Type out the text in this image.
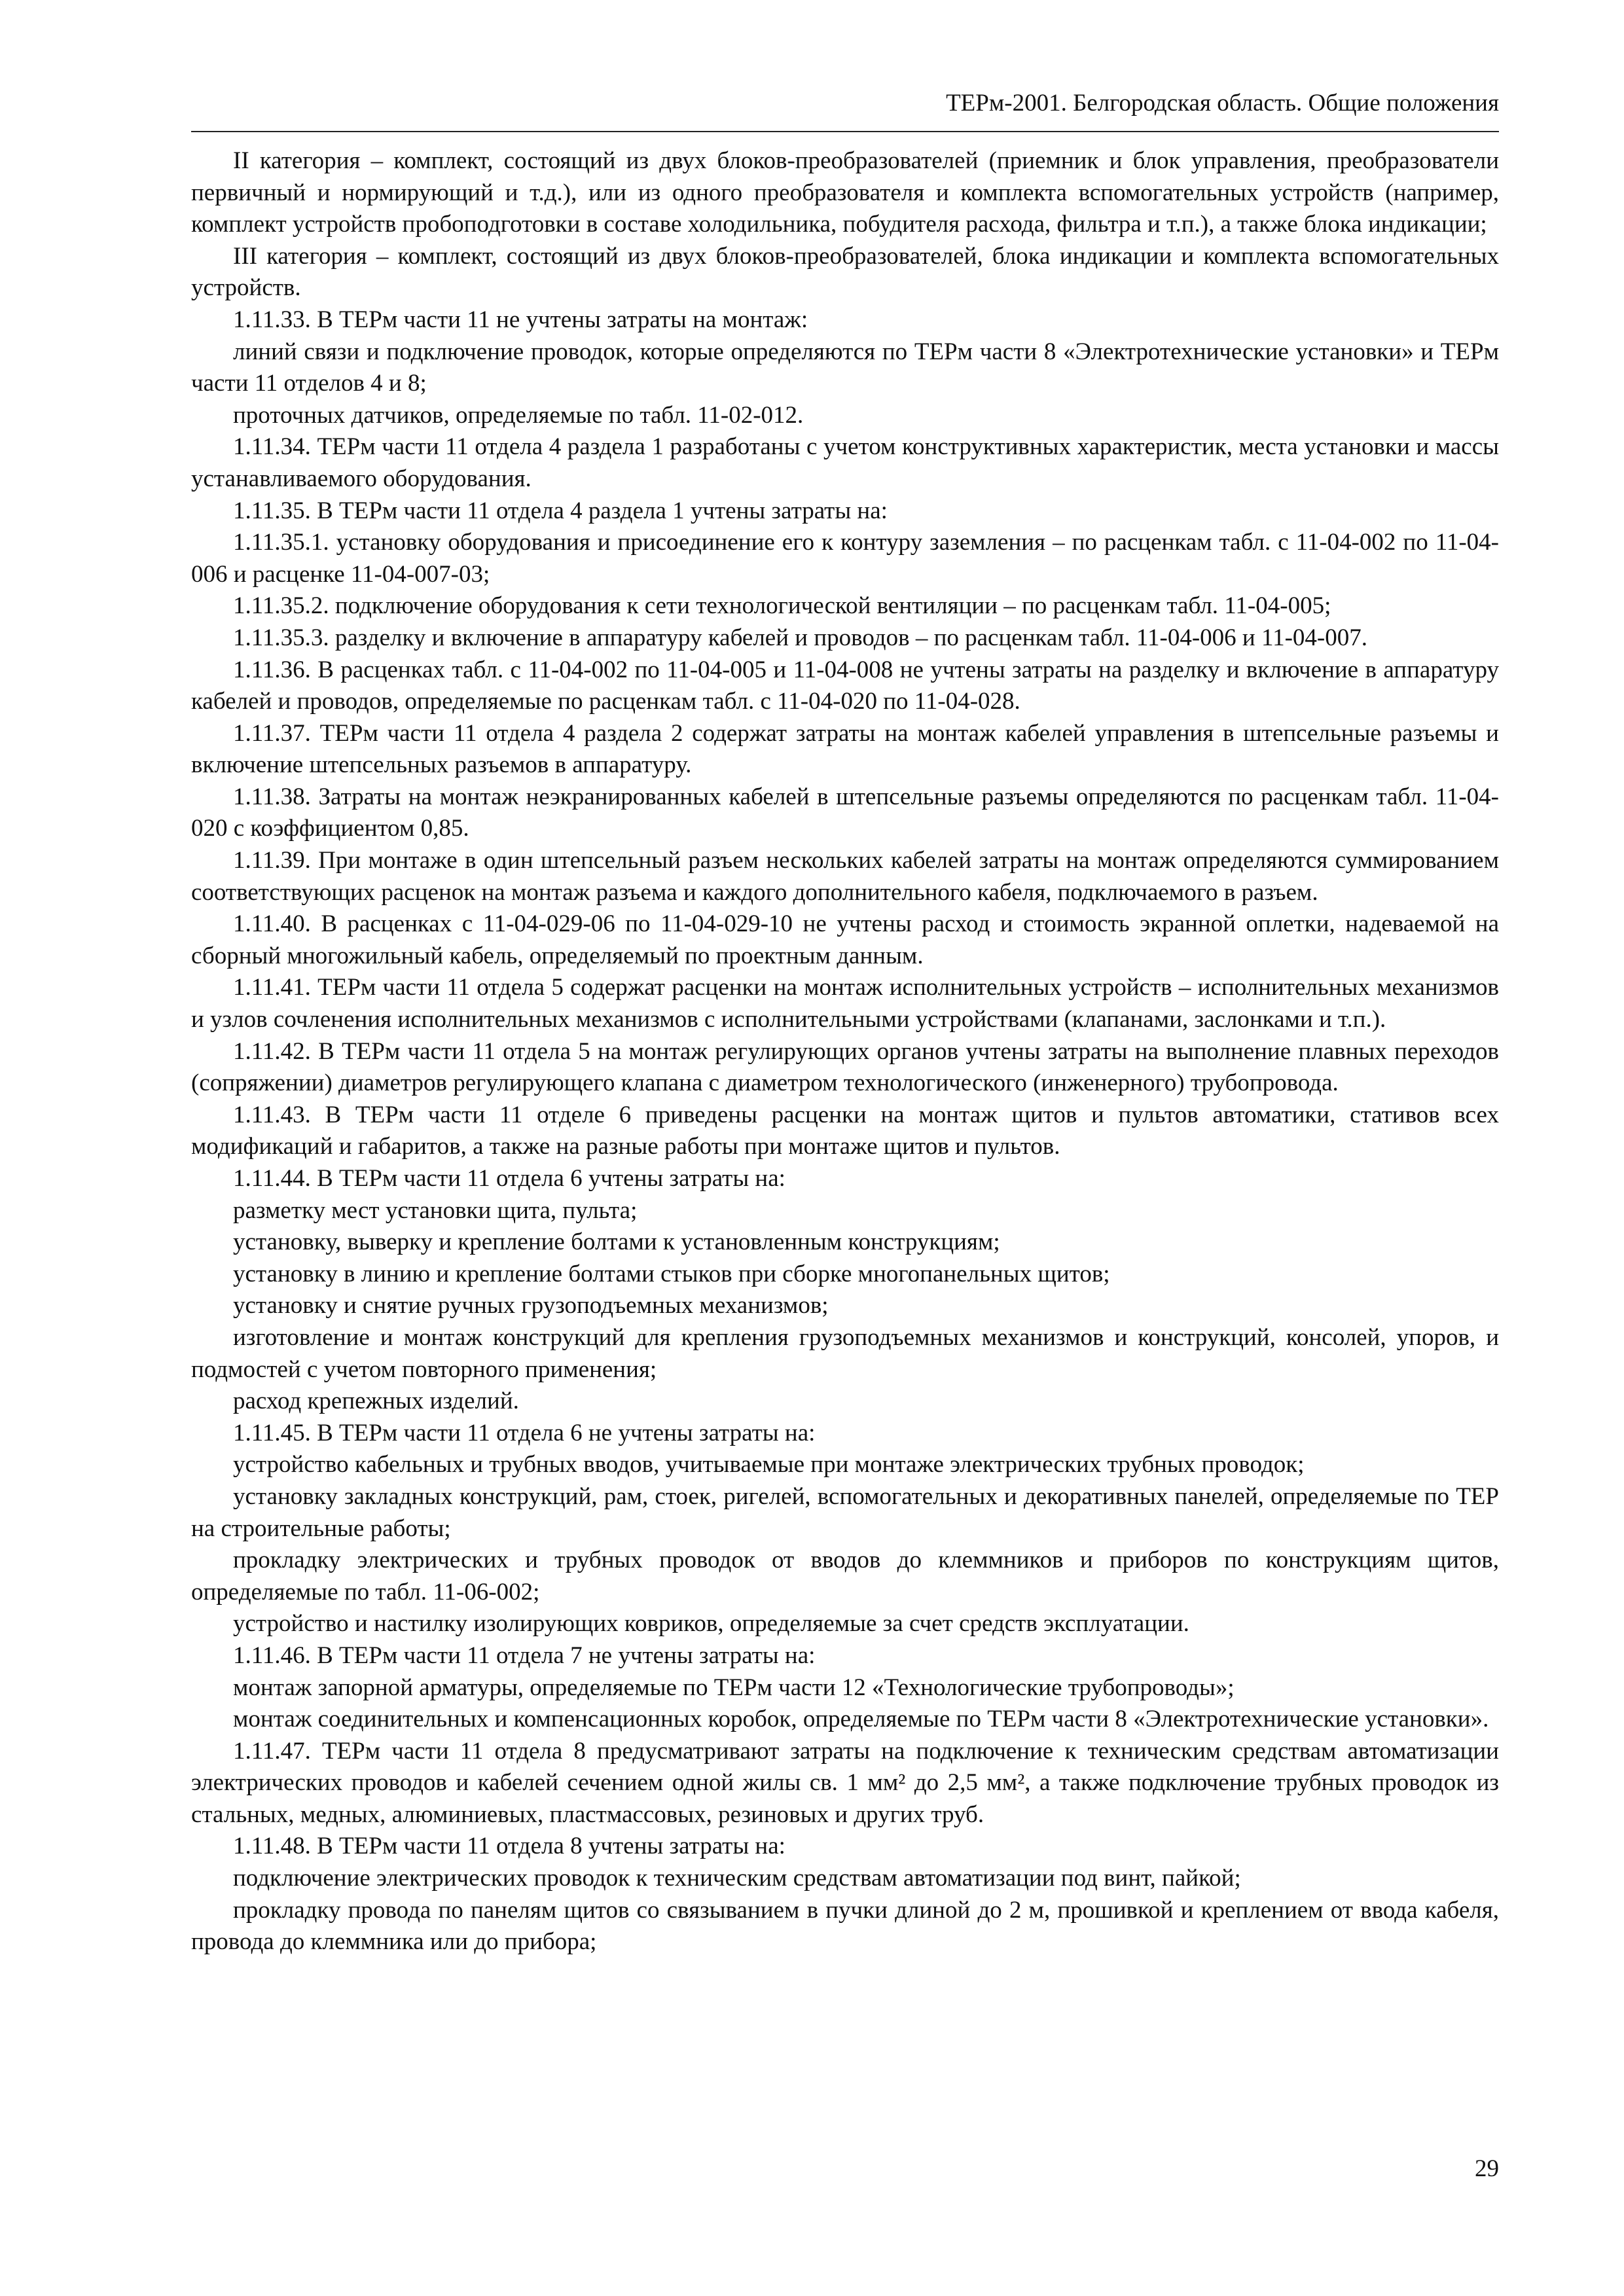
ТЕРм-2001. Белгородская область. Общие положения

II категория – комплект, состоящий из двух блоков-преобразователей (приемник и блок управления, преобразователи первичный и нормирующий и т.д.), или из одного преобразователя и комплекта вспомогательных устройств (например, комплект устройств пробоподготовки в составе холодильника, побудителя расхода, фильтра и т.п.), а также блока индикации;

III категория – комплект, состоящий из двух блоков-преобразователей, блока индикации и комплекта вспомогательных устройств.

1.11.33. В ТЕРм части 11 не учтены затраты на монтаж:

линий связи и подключение проводок, которые определяются по ТЕРм части 8 «Электротехнические установки» и ТЕРм части 11 отделов 4 и 8;

проточных датчиков, определяемые по табл. 11-02-012.

1.11.34. ТЕРм части 11 отдела 4 раздела 1 разработаны с учетом конструктивных характеристик, места установки и массы устанавливаемого оборудования.

1.11.35. В ТЕРм части 11 отдела 4 раздела 1 учтены затраты на:

1.11.35.1. установку оборудования и присоединение его к контуру заземления – по расценкам табл. с 11-04-002 по 11-04-006 и расценке 11-04-007-03;

1.11.35.2. подключение оборудования к сети технологической вентиляции – по расценкам табл. 11-04-005;

1.11.35.3. разделку и включение в аппаратуру кабелей и проводов – по расценкам табл. 11-04-006 и 11-04-007.

1.11.36. В расценках табл. с 11-04-002 по 11-04-005 и 11-04-008 не учтены затраты на разделку и включение в аппаратуру кабелей и проводов, определяемые по расценкам табл. с 11-04-020 по 11-04-028.

1.11.37. ТЕРм части 11 отдела 4 раздела 2 содержат затраты на монтаж кабелей управления в штепсельные разъемы и включение штепсельных разъемов в аппаратуру.

1.11.38. Затраты на монтаж неэкранированных кабелей в штепсельные разъемы определяются по расценкам табл. 11-04-020 с коэффициентом 0,85.

1.11.39. При монтаже в один штепсельный разъем нескольких кабелей затраты на монтаж определяются суммированием соответствующих расценок на монтаж разъема и каждого дополнительного кабеля, подключаемого в разъем.

1.11.40. В расценках с 11-04-029-06 по 11-04-029-10 не учтены расход и стоимость экранной оплетки, надеваемой на сборный многожильный кабель, определяемый по проектным данным.

1.11.41. ТЕРм части 11 отдела 5 содержат расценки на монтаж исполнительных устройств – исполнительных механизмов и узлов сочленения исполнительных механизмов с исполнительными устройствами (клапанами, заслонками и т.п.).

1.11.42. В ТЕРм части 11 отдела 5 на монтаж регулирующих органов учтены затраты на выполнение плавных переходов (сопряжении) диаметров регулирующего клапана с диаметром технологического (инженерного) трубопровода.

1.11.43. В ТЕРм части 11 отделе 6 приведены расценки на монтаж щитов и пультов автоматики, стативов всех модификаций и габаритов, а также на разные работы при монтаже щитов и пультов.

1.11.44. В ТЕРм части 11 отдела 6 учтены затраты на:

разметку мест установки щита, пульта;

установку, выверку и крепление болтами к установленным конструкциям;

установку в линию и крепление болтами стыков при сборке многопанельных щитов;

установку и снятие ручных грузоподъемных механизмов;

изготовление и монтаж конструкций для крепления грузоподъемных механизмов и конструкций, консолей, упоров, и подмостей с учетом повторного применения;

расход крепежных изделий.

1.11.45. В ТЕРм части 11 отдела 6 не учтены затраты на:

устройство кабельных и трубных вводов, учитываемые при монтаже электрических трубных проводок;

установку закладных конструкций, рам, стоек, ригелей, вспомогательных и декоративных панелей, определяемые по ТЕР на строительные работы;

прокладку электрических и трубных проводок от вводов до клеммников и приборов по конструкциям щитов, определяемые по табл. 11-06-002;

устройство и настилку изолирующих ковриков, определяемые за счет средств эксплуатации.

1.11.46. В ТЕРм части 11 отдела 7 не учтены затраты на:

монтаж запорной арматуры, определяемые по ТЕРм части 12 «Технологические трубопроводы»;

монтаж соединительных и компенсационных коробок, определяемые по ТЕРм части 8 «Электротехнические установки».

1.11.47. ТЕРм части 11 отдела 8 предусматривают затраты на подключение к техническим средствам автоматизации электрических проводов и кабелей сечением одной жилы св. 1 мм² до 2,5 мм², а также подключение трубных проводок из стальных, медных, алюминиевых, пластмассовых, резиновых и других труб.

1.11.48. В ТЕРм части 11 отдела 8 учтены затраты на:

подключение электрических проводок к техническим средствам автоматизации под винт, пайкой;

прокладку провода по панелям щитов со связыванием в пучки длиной до 2 м, прошивкой и креплением от ввода кабеля, провода до клеммника или до прибора;

29
